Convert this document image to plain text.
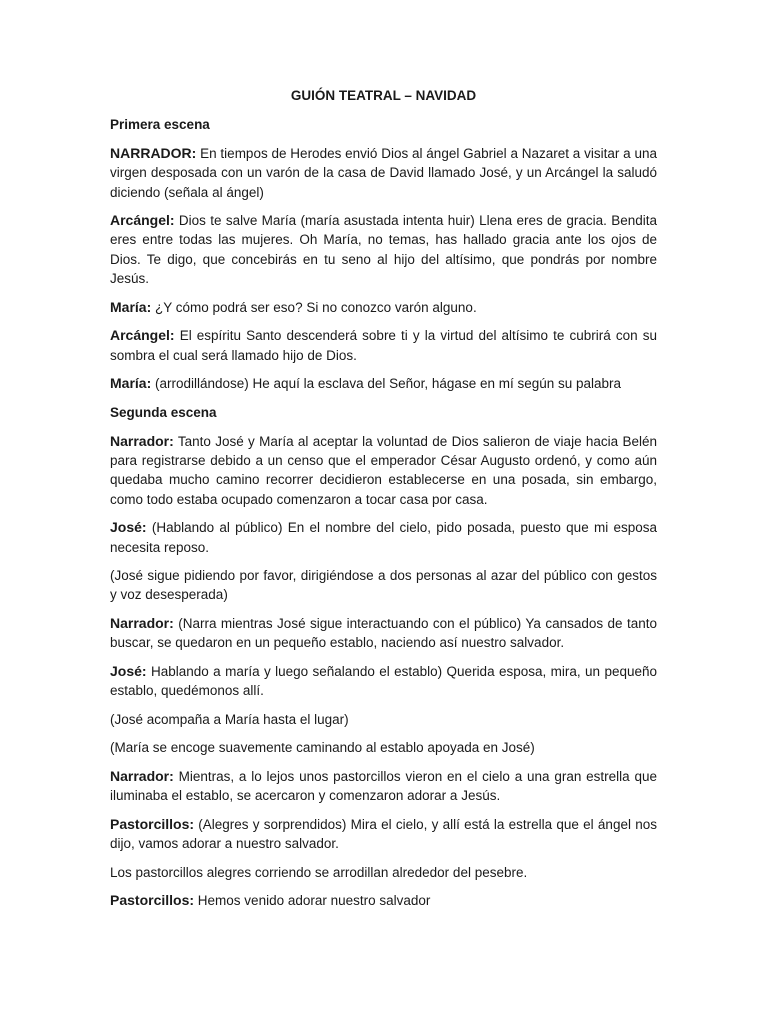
GUIÓN TEATRAL – NAVIDAD
Primera escena

NARRADOR: En tiempos de Herodes envió Dios al ángel Gabriel a Nazaret a visitar a una virgen desposada con un varón de la casa de David llamado José, y un Arcángel la saludó diciendo (señala al ángel)

Arcángel: Dios te salve María (maría asustada intenta huir) Llena eres de gracia. Bendita eres entre todas las mujeres. Oh María, no temas, has hallado gracia ante los ojos de Dios. Te digo, que concebirás en tu seno al hijo del altísimo, que pondrás por nombre Jesús.

María: ¿Y cómo podrá ser eso? Si no conozco varón alguno.

Arcángel: El espíritu Santo descenderá sobre ti y la virtud del altísimo te cubrirá con su sombra el cual será llamado hijo de Dios.

María: (arrodillándose) He aquí la esclava del Señor, hágase en mí según su palabra

Segunda escena

Narrador: Tanto José y María al aceptar la voluntad de Dios salieron de viaje hacia Belén para registrarse debido a un censo que el emperador César Augusto ordenó, y como aún quedaba mucho camino recorrer decidieron establecerse en una posada, sin embargo, como todo estaba ocupado comenzaron a tocar casa por casa.

José: (Hablando al público) En el nombre del cielo, pido posada, puesto que mi esposa necesita reposo.

(José sigue pidiendo por favor, dirigiéndose a dos personas al azar del público con gestos y voz desesperada)

Narrador: (Narra mientras José sigue interactuando con el público) Ya cansados de tanto buscar, se quedaron en un pequeño establo, naciendo así nuestro salvador.

José: Hablando a maría y luego señalando el establo) Querida esposa, mira, un pequeño establo, quedémonos allí.

(José acompaña a María hasta el lugar)

(María se encoge suavemente caminando al establo apoyada en José)

Narrador: Mientras, a lo lejos unos pastorcillos vieron en el cielo a una gran estrella que iluminaba el establo, se acercaron y comenzaron adorar a Jesús.

Pastorcillos: (Alegres y sorprendidos) Mira el cielo, y allí está la estrella que el ángel nos dijo, vamos adorar a nuestro salvador.

Los pastorcillos alegres corriendo se arrodillan alrededor del pesebre.

Pastorcillos: Hemos venido adorar nuestro salvador
